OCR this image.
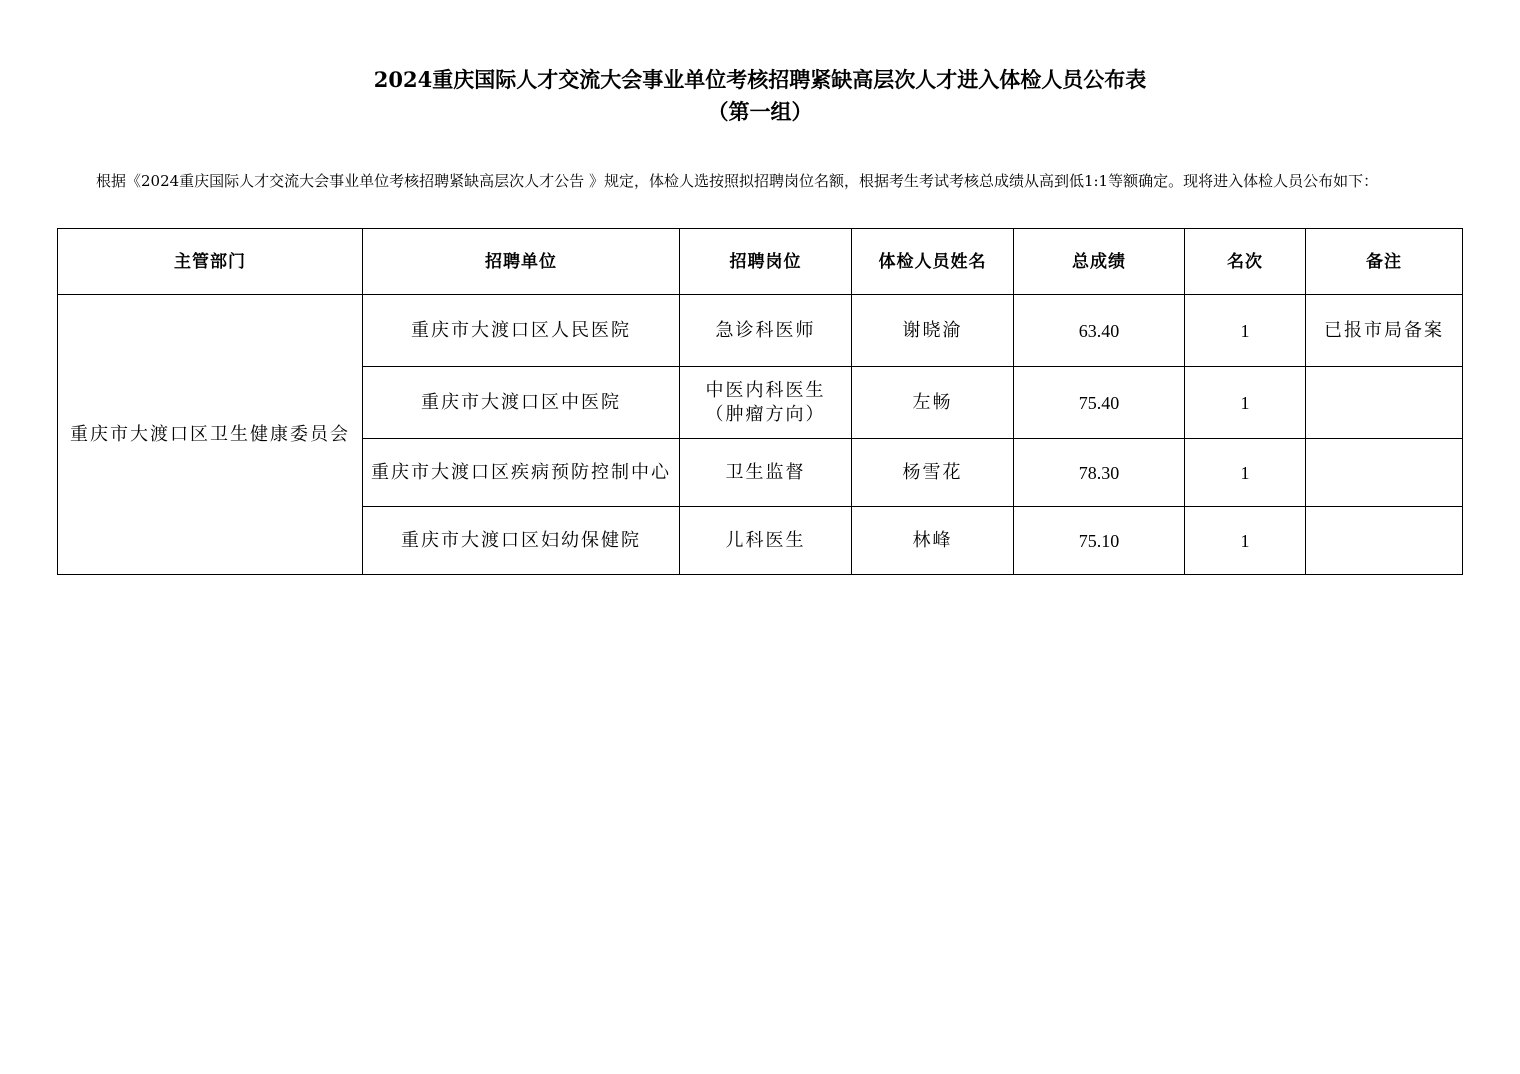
2024重庆国际人才交流大会事业单位考核招聘紧缺高层次人才进入体检人员公布表
（第一组）
根据《2024重庆国际人才交流大会事业单位考核招聘紧缺高层次人才公告 》规定，体检人选按照拟招聘岗位名额，根据考生考试考核总成绩从高到低1:1等额确定。现将进入体检人员公布如下：
主管部门	招聘单位	招聘岗位	体检人员姓名	总成绩	名次	备注
重庆市大渡口区卫生健康委员会	重庆市大渡口区人民医院	急诊科医师	谢晓渝	63.40	1	已报市局备案
	重庆市大渡口区中医院	中医内科医生（肿瘤方向）	左畅	75.40	1	
	重庆市大渡口区疾病预防控制中心	卫生监督	杨雪花	78.30	1	
	重庆市大渡口区妇幼保健院	儿科医生	林峰	75.10	1	
